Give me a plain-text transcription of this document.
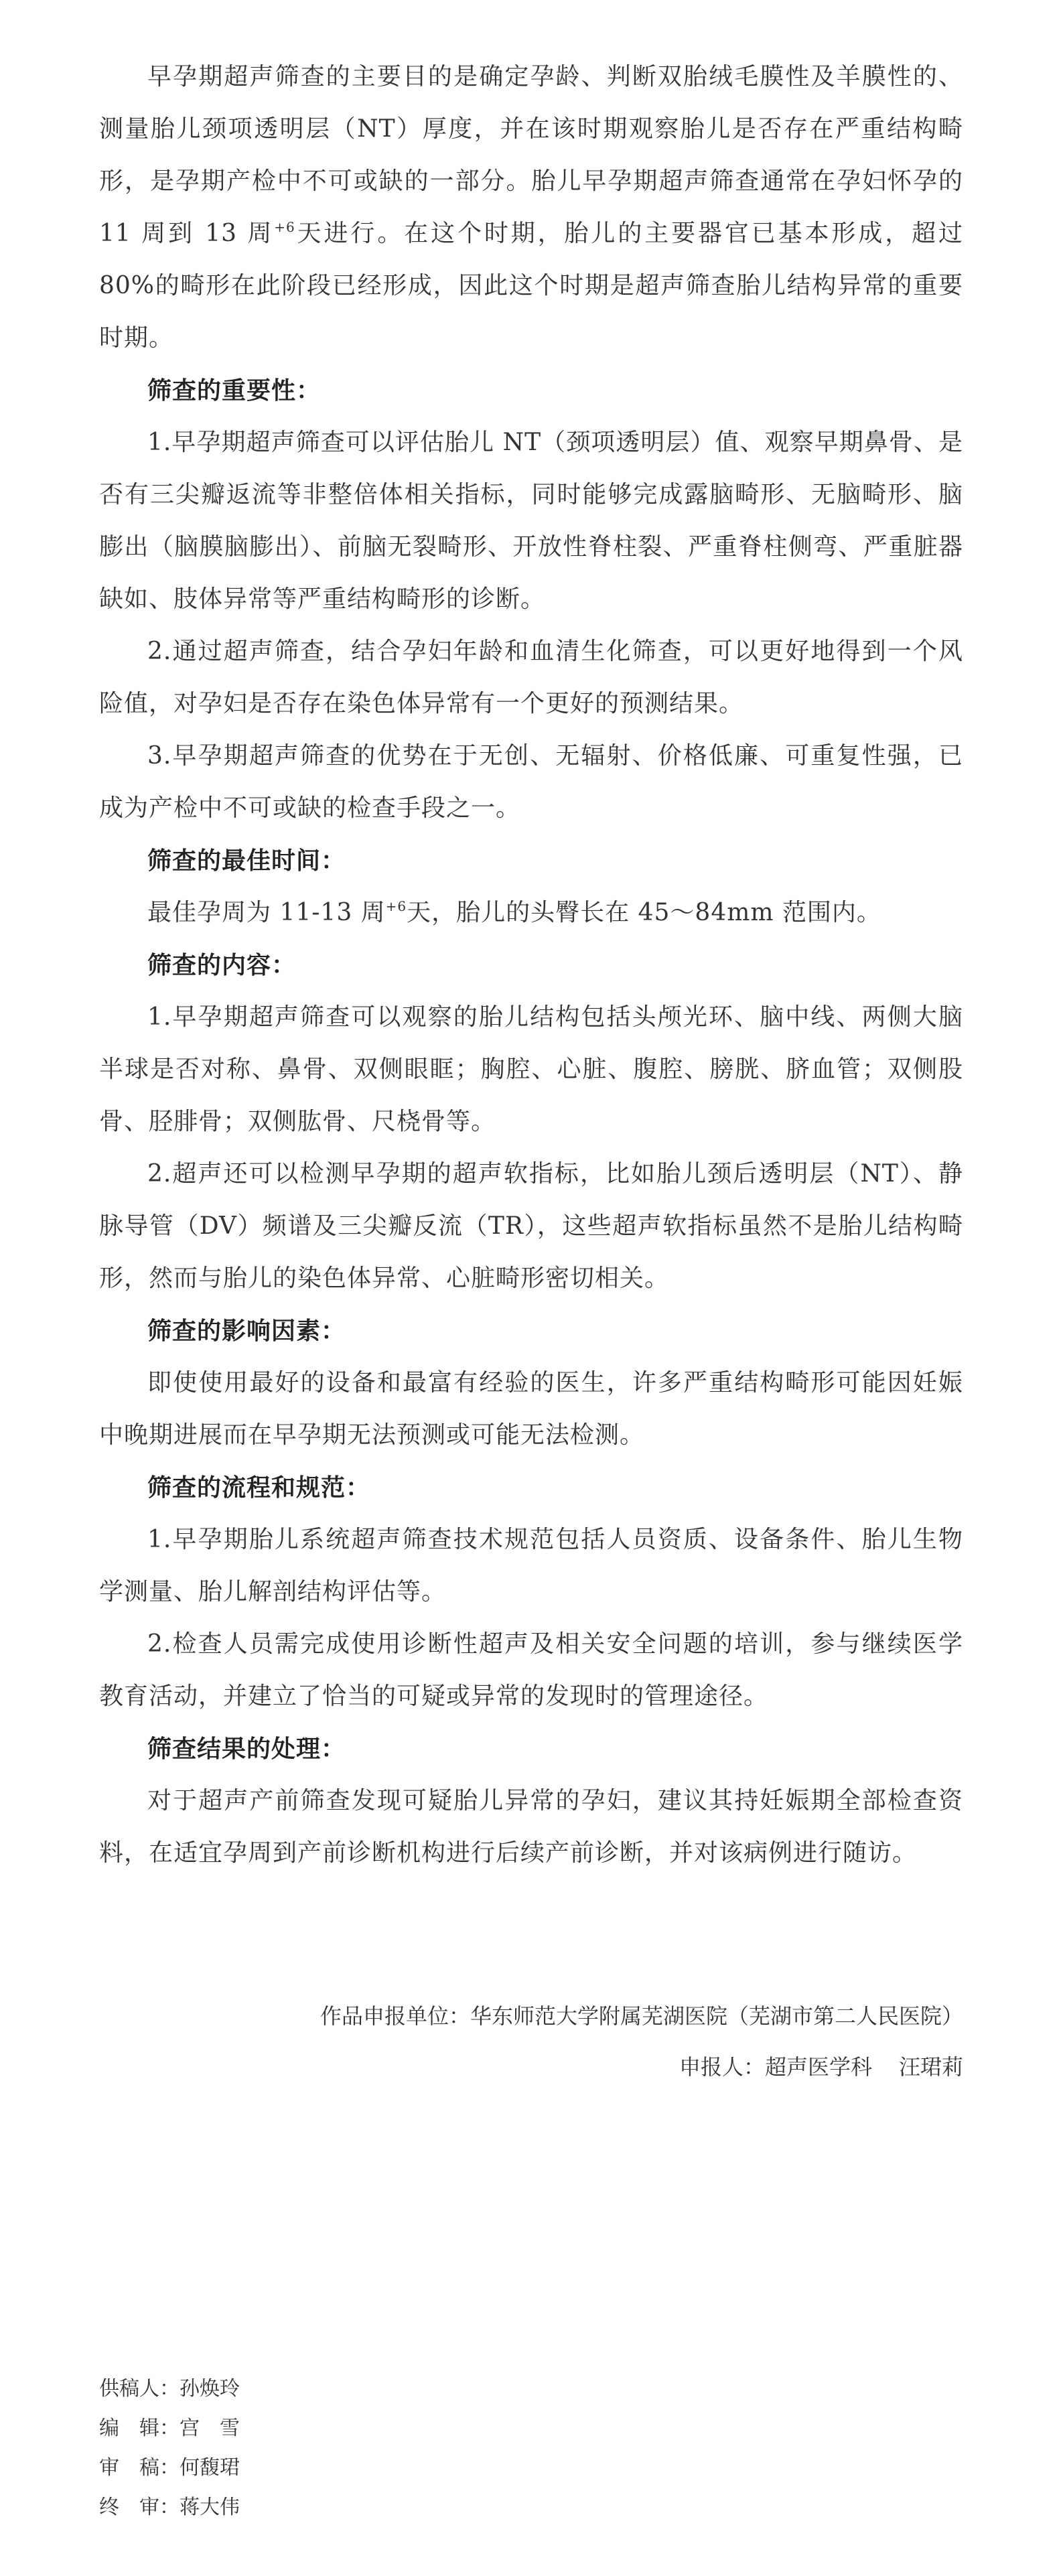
早孕期超声筛查的主要目的是确定孕龄、判断双胎绒毛膜性及羊膜性的、测量胎儿颈项透明层（NT）厚度，并在该时期观察胎儿是否存在严重结构畸形，是孕期产检中不可或缺的一部分。胎儿早孕期超声筛查通常在孕妇怀孕的 11 周到 13 周$^{+6}$天进行。在这个时期，胎儿的主要器官已基本形成，超过 80%的畸形在此阶段已经形成，因此这个时期是超声筛查胎儿结构异常的重要时期。

筛查的重要性：

1.早孕期超声筛查可以评估胎儿 NT（颈项透明层）值、观察早期鼻骨、是否有三尖瓣返流等非整倍体相关指标，同时能够完成露脑畸形、无脑畸形、脑膨出（脑膜脑膨出）、前脑无裂畸形、开放性脊柱裂、严重脊柱侧弯、严重脏器缺如、肢体异常等严重结构畸形的诊断。

2.通过超声筛查，结合孕妇年龄和血清生化筛查，可以更好地得到一个风险值，对孕妇是否存在染色体异常有一个更好的预测结果。

3.早孕期超声筛查的优势在于无创、无辐射、价格低廉、可重复性强，已成为产检中不可或缺的检查手段之一。

筛查的最佳时间：

最佳孕周为 11-13 周$^{+6}$天，胎儿的头臀长在 45～84mm 范围内。

筛查的内容：

1.早孕期超声筛查可以观察的胎儿结构包括头颅光环、脑中线、两侧大脑半球是否对称、鼻骨、双侧眼眶；胸腔、心脏、腹腔、膀胱、脐血管；双侧股骨、胫腓骨；双侧肱骨、尺桡骨等。

2.超声还可以检测早孕期的超声软指标，比如胎儿颈后透明层（NT）、静脉导管（DV）频谱及三尖瓣反流（TR），这些超声软指标虽然不是胎儿结构畸形，然而与胎儿的染色体异常、心脏畸形密切相关。

筛查的影响因素：

即使使用最好的设备和最富有经验的医生，许多严重结构畸形可能因妊娠中晚期进展而在早孕期无法预测或可能无法检测。

筛查的流程和规范：

1.早孕期胎儿系统超声筛查技术规范包括人员资质、设备条件、胎儿生物学测量、胎儿解剖结构评估等。

2.检查人员需完成使用诊断性超声及相关安全问题的培训，参与继续医学教育活动，并建立了恰当的可疑或异常的发现时的管理途径。

筛查结果的处理：

对于超声产前筛查发现可疑胎儿异常的孕妇，建议其持妊娠期全部检查资料，在适宜孕周到产前诊断机构进行后续产前诊断，并对该病例进行随访。

作品申报单位：华东师范大学附属芜湖医院（芜湖市第二人民医院）
申报人：超声医学科 汪珺莉
供稿人：孙焕玲
编　辑：宫　雪
审　稿：何馥珺
终　审：蒋大伟
